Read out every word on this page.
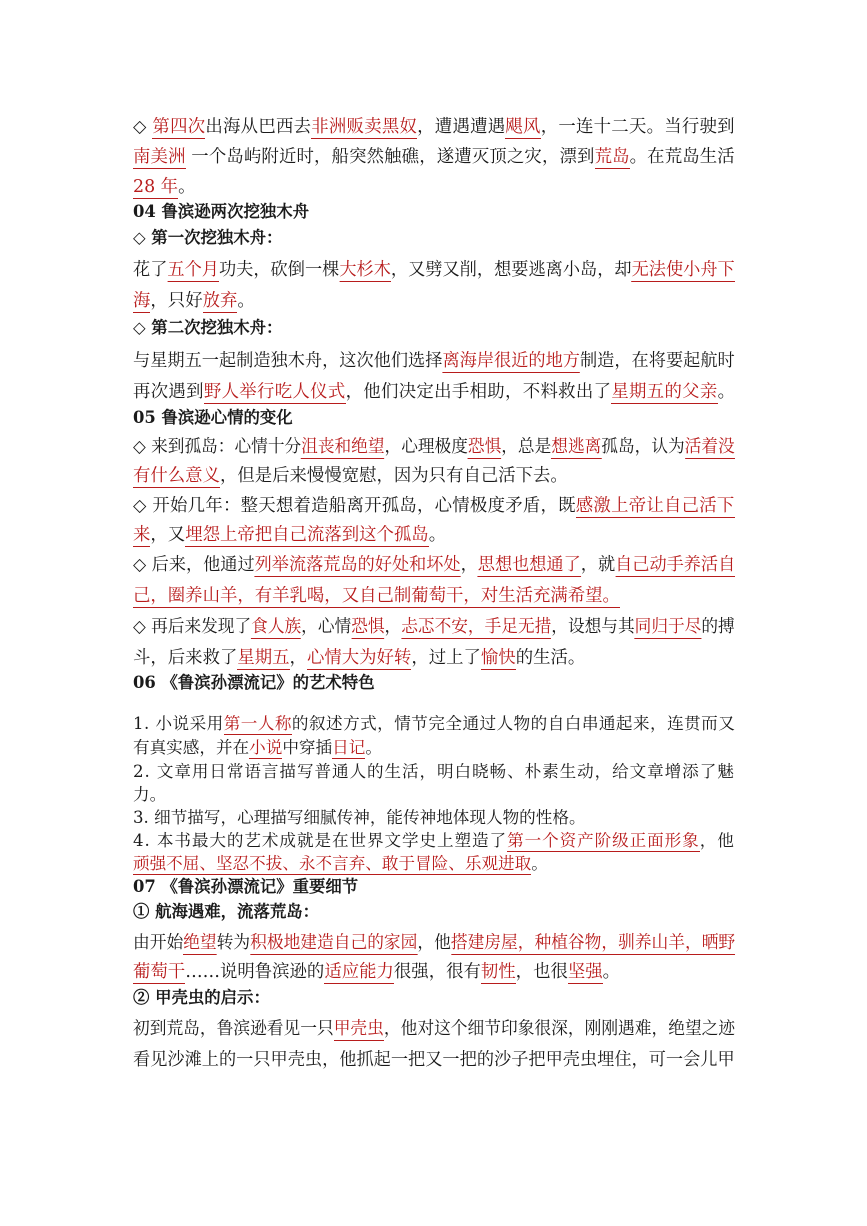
◇ 第四次出海从巴西去非洲贩卖黑奴，遭遇遭遇飓风，一连十二天。当行驶到
南美洲 一个岛屿附近时，船突然触礁，遂遭灭顶之灾，漂到荒岛。在荒岛生活
28 年。
04 鲁滨逊两次挖独木舟
◇ 第一次挖独木舟：
花了五个月功夫，砍倒一棵大杉木，又劈又削，想要逃离小岛，却无法使小舟下
海，只好放弃。
◇ 第二次挖独木舟：
与星期五一起制造独木舟，这次他们选择离海岸很近的地方制造，在将要起航时
再次遇到野人举行吃人仪式，他们决定出手相助，不料救出了星期五的父亲。
05 鲁滨逊心情的变化
◇ 来到孤岛：心情十分沮丧和绝望，心理极度恐惧，总是想逃离孤岛，认为活着没
有什么意义，但是后来慢慢宽慰，因为只有自己活下去。
◇ 开始几年：整天想着造船离开孤岛，心情极度矛盾，既感激上帝让自己活下
来，又埋怨上帝把自己流落到这个孤岛。
◇ 后来，他通过列举流落荒岛的好处和坏处，思想也想通了，就自己动手养活自
己，圈养山羊，有羊乳喝，又自己制葡萄干，对生活充满希望。
◇ 再后来发现了食人族，心情恐惧，忐忑不安，手足无措，设想与其同归于尽的搏
斗，后来救了星期五，心情大为好转，过上了愉快的生活。
06 《鲁滨孙漂流记》的艺术特色
1. 小说采用第一人称的叙述方式，情节完全通过人物的自白串通起来，连贯而又
有真实感，并在小说中穿插日记。
2. 文章用日常语言描写普通人的生活，明白晓畅、朴素生动，给文章增添了魅
力。
3. 细节描写，心理描写细腻传神，能传神地体现人物的性格。
4. 本书最大的艺术成就是在世界文学史上塑造了第一个资产阶级正面形象，他
顽强不屈、坚忍不拔、永不言弃、敢于冒险、乐观进取。
07 《鲁滨孙漂流记》重要细节
① 航海遇难，流落荒岛：
由开始绝望转为积极地建造自己的家园，他搭建房屋，种植谷物，驯养山羊，晒野
葡萄干……说明鲁滨逊的适应能力很强，很有韧性，也很坚强。
② 甲壳虫的启示：
初到荒岛，鲁滨逊看见一只甲壳虫，他对这个细节印象很深，刚刚遇难，绝望之迹
看见沙滩上的一只甲壳虫，他抓起一把又一把的沙子把甲壳虫埋住，可一会儿甲
